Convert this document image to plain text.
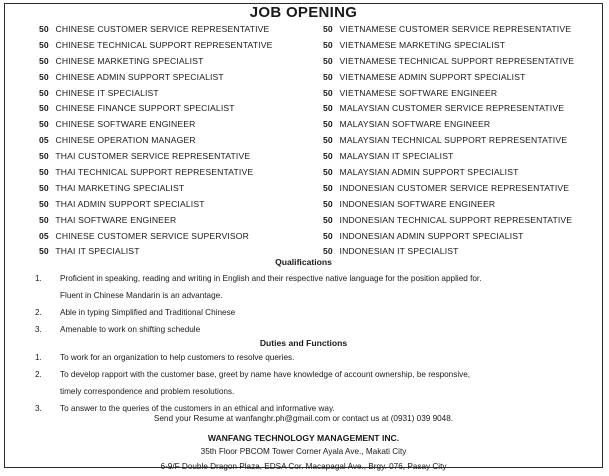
JOB OPENING
50 CHINESE CUSTOMER SERVICE REPRESENTATIVE
50 CHINESE TECHNICAL SUPPORT REPRESENTATIVE
50 CHINESE MARKETING SPECIALIST
50 CHINESE ADMIN SUPPORT SPECIALIST
50 CHINESE IT SPECIALIST
50 CHINESE FINANCE SUPPORT SPECIALIST
50 CHINESE SOFTWARE ENGINEER
05 CHINESE OPERATION MANAGER
50 THAI CUSTOMER SERVICE REPRESENTATIVE
50 THAI TECHNICAL SUPPORT REPRESENTATIVE
50 THAI MARKETING SPECIALIST
50 THAI ADMIN SUPPORT SPECIALIST
50 THAI SOFTWARE ENGINEER
05 CHINESE CUSTOMER SERVICE SUPERVISOR
50 THAI IT SPECIALIST
50 VIETNAMESE CUSTOMER SERVICE REPRESENTATIVE
50 VIETNAMESE MARKETING SPECIALIST
50 VIETNAMESE TECHNICAL SUPPORT REPRESENTATIVE
50 VIETNAMESE ADMIN SUPPORT SPECIALIST
50 VIETNAMESE SOFTWARE ENGINEER
50 MALAYSIAN CUSTOMER SERVICE REPRESENTATIVE
50 MALAYSIAN SOFTWARE ENGINEER
50 MALAYSIAN TECHNICAL SUPPORT REPRESENTATIVE
50 MALAYSIAN IT SPECIALIST
50 MALAYSIAN ADMIN SUPPORT SPECIALIST
50 INDONESIAN CUSTOMER SERVICE REPRESENTATIVE
50 INDONESIAN SOFTWARE ENGINEER
50 INDONESIAN TECHNICAL SUPPORT REPRESENTATIVE
50 INDONESIAN ADMIN SUPPORT SPECIALIST
50 INDONESIAN IT SPECIALIST
Qualifications
1. Proficient in speaking, reading and writing in English and their respective native language for the position applied for.
Fluent in Chinese Mandarin is an advantage.
2. Able in typing Simplified and Traditional Chinese
3. Amenable to work on shifting schedule
Duties and Functions
1. To work for an organization to help customers to resolve queries.
2. To develop rapport with the customer base, greet by name have knowledge of account ownership, be responsive,
timely correspondence and problem resolutions.
3. To answer to the queries of the customers in an ethical and informative way.
Send your Resume at wanfanghr.ph@gmail.com or contact us at (0931) 039 9048.
WANFANG TECHNOLOGY MANAGEMENT INC.
35th Floor PBCOM Tower Corner Ayala Ave., Makati City
6-9/F Double Dragon Plaza, EDSA Cor. Macapagal Ave., Brgy. 076, Pasay City
